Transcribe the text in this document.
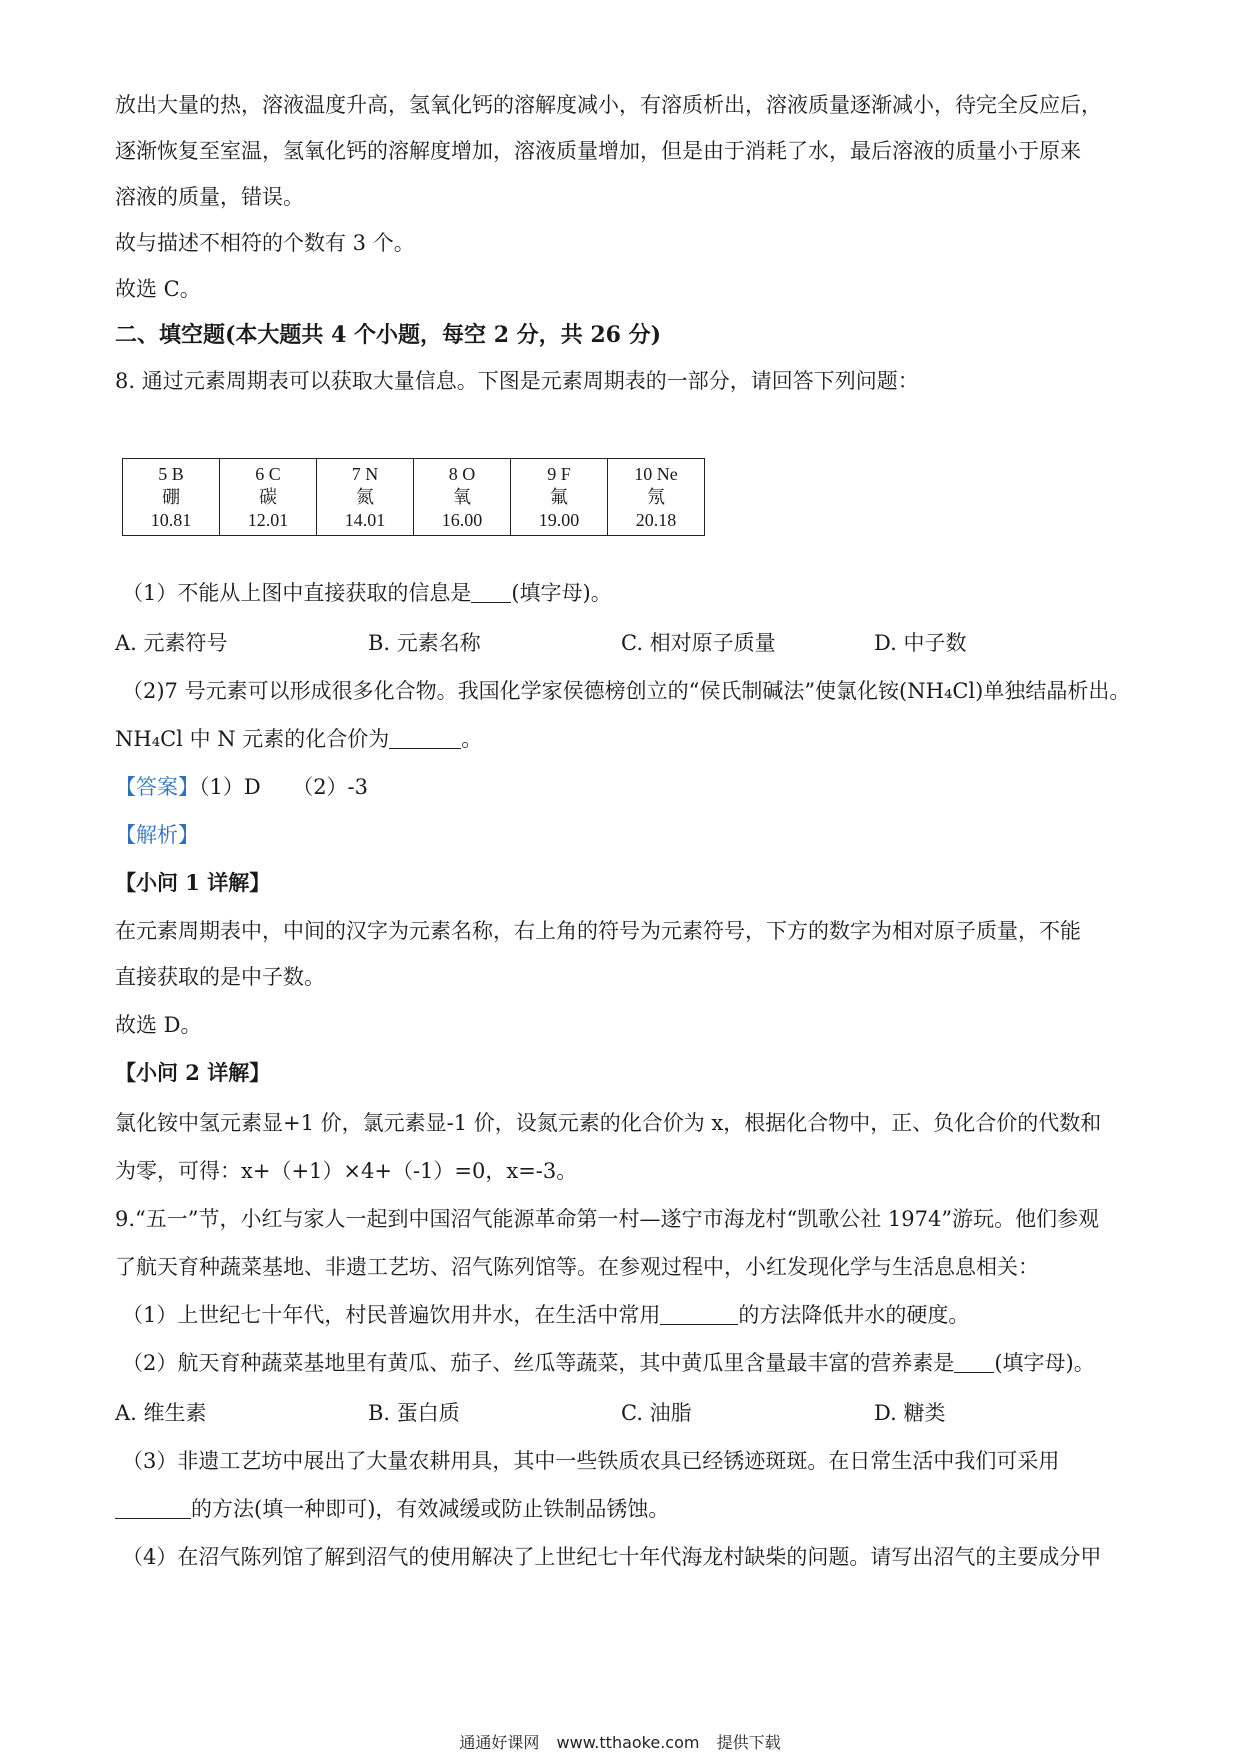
放出大量的热，溶液温度升高，氢氧化钙的溶解度减小，有溶质析出，溶液质量逐渐减小，待完全反应后，
逐渐恢复至室温，氢氧化钙的溶解度增加，溶液质量增加，但是由于消耗了水，最后溶液的质量小于原来
溶液的质量，错误。
故与描述不相符的个数有 3 个。
故选 C。
二、填空题(本大题共 4 个小题，每空 2 分，共 26 分)
8. 通过元素周期表可以获取大量信息。下图是元素周期表的一部分，请回答下列问题：
5 B
硼
10.81

6 C
碳
12.01

7 N
氮
14.01

8 O
氧
16.00

9 F
氟
19.00

10 Ne
氖
20.18
（1）不能从上图中直接获取的信息是 (填字母)。
A. 元素符号	B. 元素名称	C. 相对原子质量	D. 中子数
（2)7 号元素可以形成很多化合物。我国化学家侯德榜创立的“侯氏制碱法”使氯化铵(NH₄Cl)单独结晶析出。
NH₄Cl 中 N 元素的化合价为	。
【答案】（1）D　　（2）-3
【解析】
【小问 1 详解】
在元素周期表中，中间的汉字为元素名称，右上角的符号为元素符号，下方的数字为相对原子质量，不能
直接获取的是中子数。
故选 D。
【小问 2 详解】
氯化铵中氢元素显+1 价，氯元素显-1 价，设氮元素的化合价为 x，根据化合物中，正、负化合价的代数和
为零，可得：x+（+1）×4+（-1）=0，x=-3。
9.“五一”节，小红与家人一起到中国沼气能源革命第一村—遂宁市海龙村“凯歌公社 1974”游玩。他们参观
了航天育种蔬菜基地、非遗工艺坊、沼气陈列馆等。在参观过程中，小红发现化学与生活息息相关：
（1）上世纪七十年代，村民普遍饮用井水，在生活中常用	的方法降低井水的硬度。
（2）航天育种蔬菜基地里有黄瓜、茄子、丝瓜等蔬菜，其中黄瓜里含量最丰富的营养素是 (填字母)。
A. 维生素	B. 蛋白质	C. 油脂	D. 糖类
（3）非遗工艺坊中展出了大量农耕用具，其中一些铁质农具已经锈迹斑斑。在日常生活中我们可采用
的方法(填一种即可)，有效减缓或防止铁制品锈蚀。
（4）在沼气陈列馆了解到沼气的使用解决了上世纪七十年代海龙村缺柴的问题。请写出沼气的主要成分甲
通通好课网 www.tthaoke.com 提供下载
